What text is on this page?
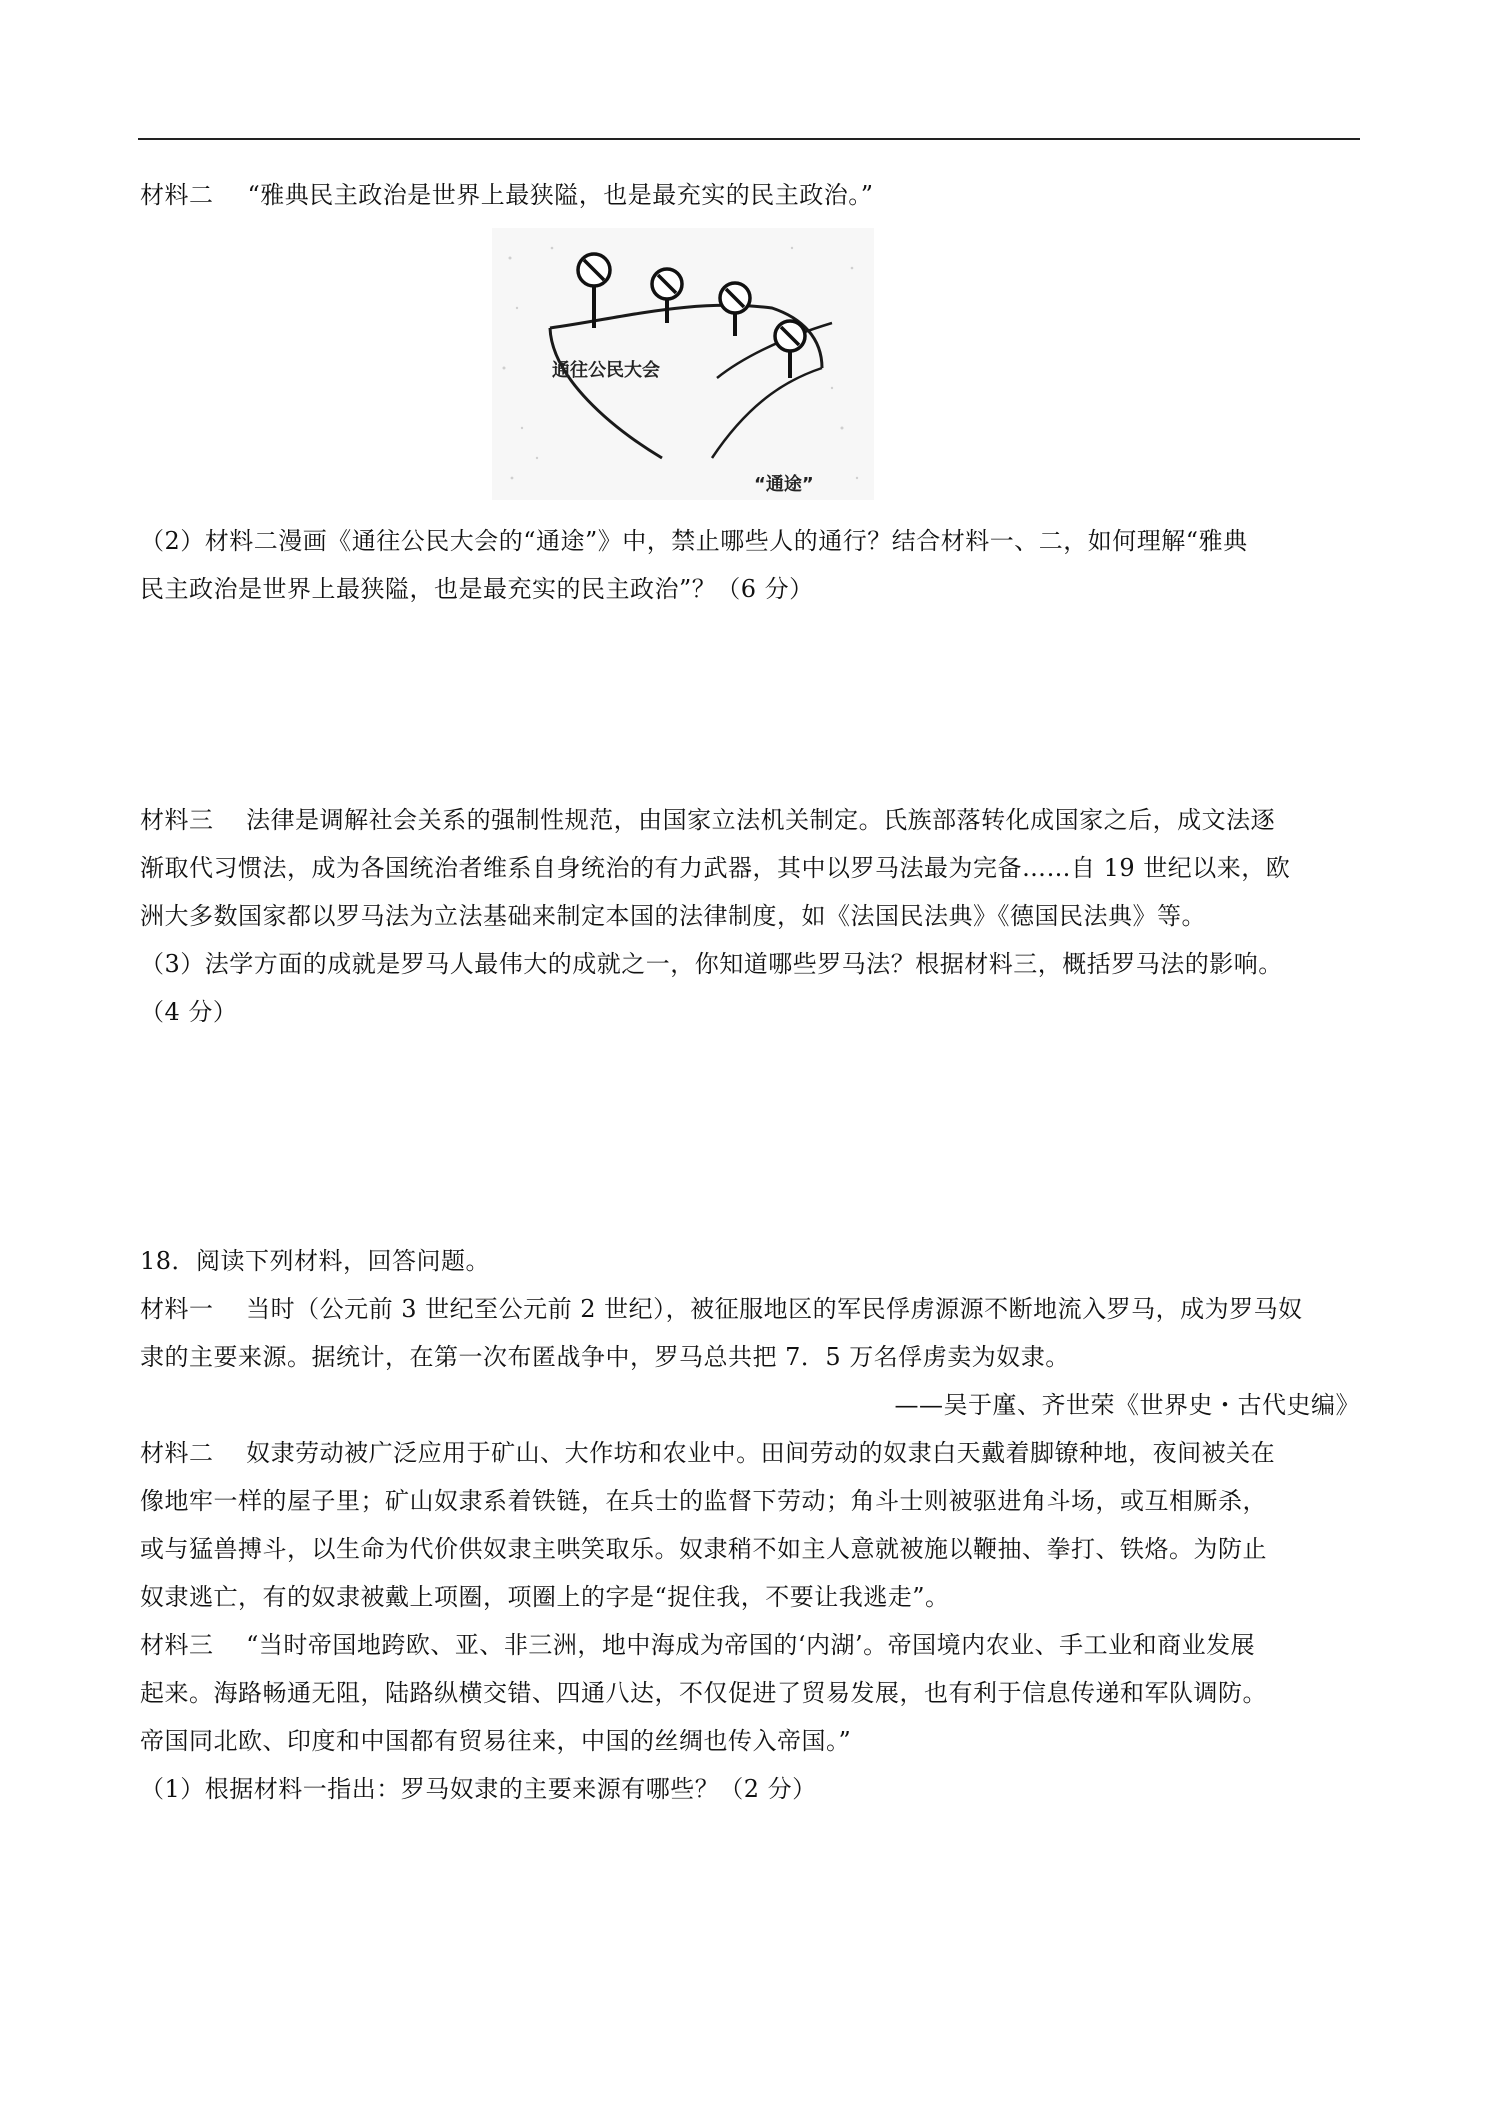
材料二 “雅典民主政治是世界上最狭隘，也是最充实的民主政治。”
通往公民大会
“通途”
（2）材料二漫画《通往公民大会的“通途”》中，禁止哪些人的通行？结合材料一、二，如何理解“雅典
民主政治是世界上最狭隘，也是最充实的民主政治”？（6 分）
材料三　 法律是调解社会关系的强制性规范，由国家立法机关制定。氏族部落转化成国家之后，成文法逐
渐取代习惯法，成为各国统治者维系自身统治的有力武器，其中以罗马法最为完备……自 19 世纪以来，欧
洲大多数国家都以罗马法为立法基础来制定本国的法律制度，如《法国民法典》《德国民法典》等。
（3）法学方面的成就是罗马人最伟大的成就之一，你知道哪些罗马法？根据材料三，概括罗马法的影响。
（4 分）
18．阅读下列材料，回答问题。
材料一　 当时（公元前 3 世纪至公元前 2 世纪），被征服地区的军民俘虏源源不断地流入罗马，成为罗马奴
隶的主要来源。据统计，在第一次布匿战争中，罗马总共把 7．5 万名俘虏卖为奴隶。
——吴于廑、齐世荣《世界史・古代史编》
材料二　 奴隶劳动被广泛应用于矿山、大作坊和农业中。田间劳动的奴隶白天戴着脚镣种地，夜间被关在
像地牢一样的屋子里；矿山奴隶系着铁链，在兵士的监督下劳动；角斗士则被驱进角斗场，或互相厮杀，
或与猛兽搏斗，以生命为代价供奴隶主哄笑取乐。奴隶稍不如主人意就被施以鞭抽、拳打、铁烙。为防止
奴隶逃亡，有的奴隶被戴上项圈，项圈上的字是“捉住我，不要让我逃走”。
材料三　 “当时帝国地跨欧、亚、非三洲，地中海成为帝国的‘内湖’。帝国境内农业、手工业和商业发展
起来。海路畅通无阻，陆路纵横交错、四通八达，不仅促进了贸易发展，也有利于信息传递和军队调防。
帝国同北欧、印度和中国都有贸易往来，中国的丝绸也传入帝国。”
（1）根据材料一指出：罗马奴隶的主要来源有哪些？（2 分）
